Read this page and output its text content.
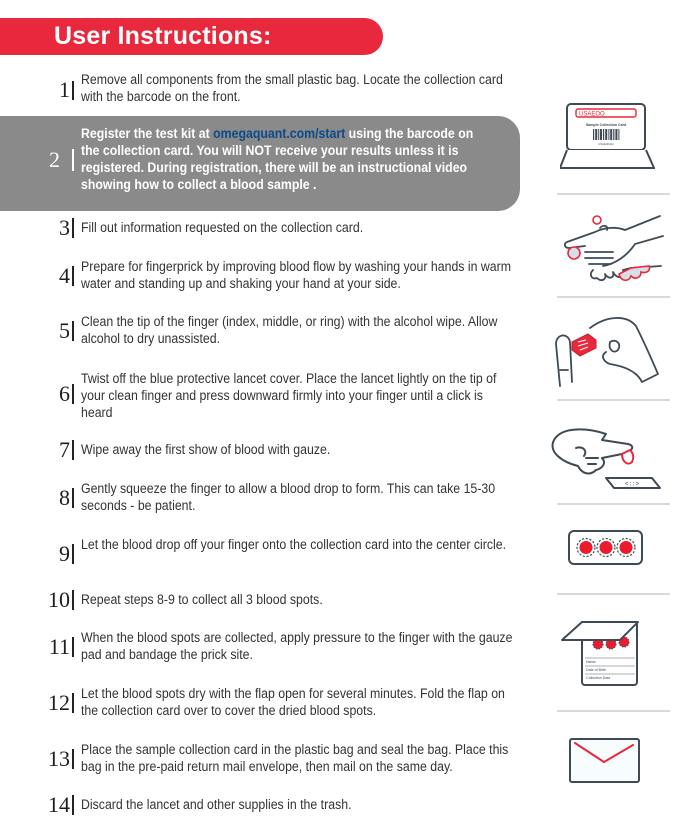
User Instructions:
1 Remove all components from the small plastic bag. Locate the collection card with the barcode on the front.
2
Register the test kit at omegaquant.com/start using the barcode on the collection card. You will NOT receive your results unless it is registered. During registration, there will be an instructional video showing how to collect a blood sample .
3 Fill out information requested on the collection card.
4 Prepare for fingerprick by improving blood flow by washing your hands in warm water and standing up and shaking your hand at your side.
5 Clean the tip of the finger (index, middle, or ring) with the alcohol wipe. Allow alcohol to dry unassisted.
6
Twist off the blue protective lancet cover. Place the lancet lightly on the tip of your clean finger and press downward firmly into your finger until a click is heard
7 Wipe away the first show of blood with gauze.
8 Gently squeeze the finger to allow a blood drop to form. This can take 15-30 seconds - be patient.
9 Let the blood drop off your finger onto the collection card into the center circle.
10 Repeat steps 8-9 to collect all 3 blood spots.
11 When the blood spots are collected, apply pressure to the finger with the gauze pad and bandage the prick site.
12 Let the blood spots dry with the flap open for several minutes. Fold the flap on the collection card over to cover the dried blood spots.
13 Place the sample collection card in the plastic bag and seal the bag. Place this bag in the pre-paid return mail envelope, then mail on the same day.
14 Discard the lancet and other supplies in the trash.
USAEOO
Sample Collection Card
USAE00444
<::>
Name
Date of Birth
Collection Date
